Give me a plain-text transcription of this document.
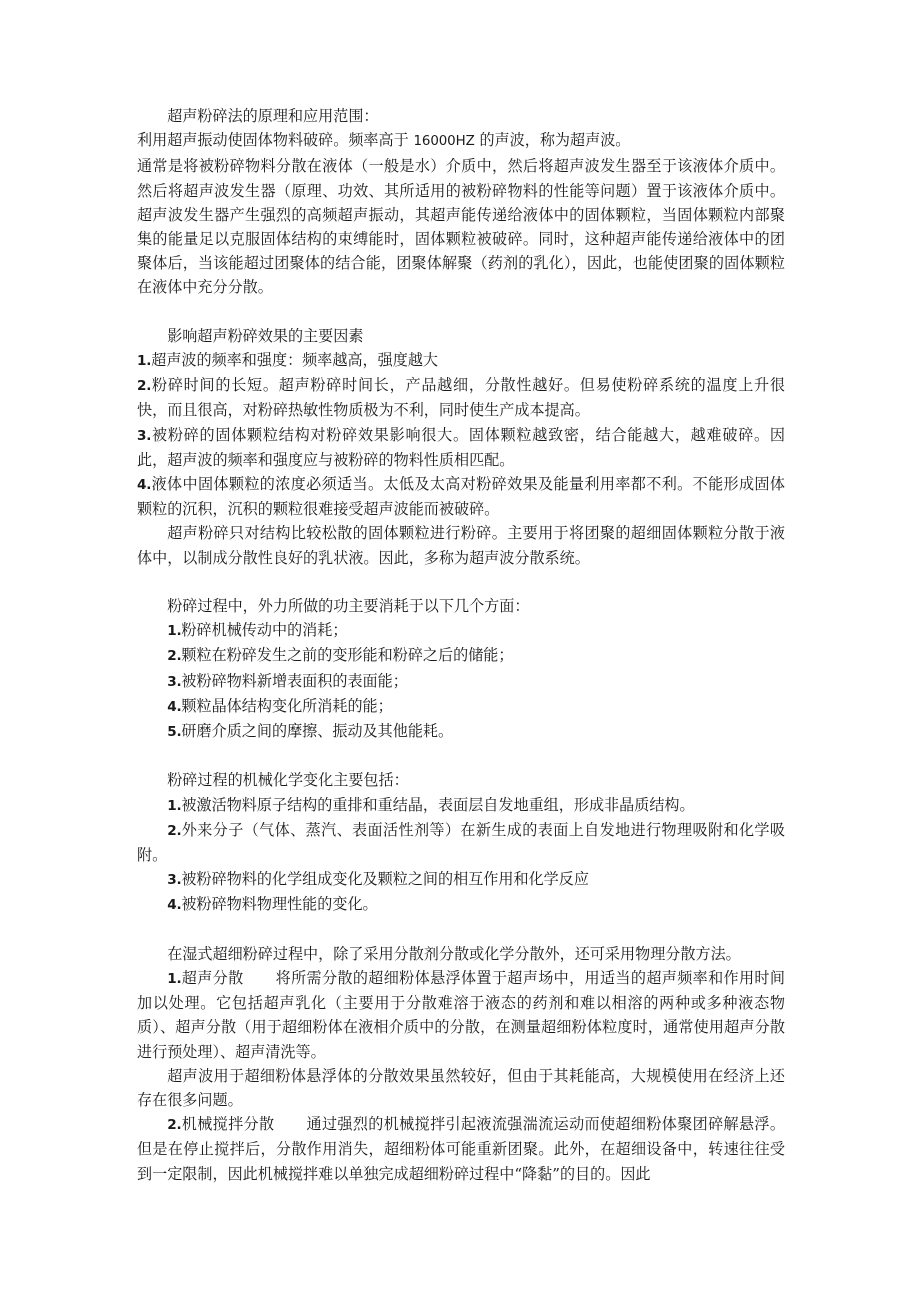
超声粉碎法的原理和应用范围：

利用超声振动使固体物料破碎。频率高于 16000HZ 的声波，称为超声波。

通常是将被粉碎物料分散在液体（一般是水）介质中，然后将超声波发生器至于该液体介质中。然后将超声波发生器（原理、功效、其所适用的被粉碎物料的性能等问题）置于该液体介质中。超声波发生器产生强烈的高频超声振动，其超声能传递给液体中的固体颗粒，当固体颗粒内部聚集的能量足以克服固体结构的束缚能时，固体颗粒被破碎。同时，这种超声能传递给液体中的团聚体后，当该能超过团聚体的结合能，团聚体解聚（药剂的乳化），因此，也能使团聚的固体颗粒在液体中充分分散。

影响超声粉碎效果的主要因素

1.超声波的频率和强度：频率越高，强度越大

2.粉碎时间的长短。超声粉碎时间长，产品越细，分散性越好。但易使粉碎系统的温度上升很快，而且很高，对粉碎热敏性物质极为不利，同时使生产成本提高。

3.被粉碎的固体颗粒结构对粉碎效果影响很大。固体颗粒越致密，结合能越大，越难破碎。因此，超声波的频率和强度应与被粉碎的物料性质相匹配。

4.液体中固体颗粒的浓度必须适当。太低及太高对粉碎效果及能量利用率都不利。不能形成固体颗粒的沉积，沉积的颗粒很难接受超声波能而被破碎。

超声粉碎只对结构比较松散的固体颗粒进行粉碎。主要用于将团聚的超细固体颗粒分散于液体中，以制成分散性良好的乳状液。因此，多称为超声波分散系统。

粉碎过程中，外力所做的功主要消耗于以下几个方面：

1.粉碎机械传动中的消耗；

2.颗粒在粉碎发生之前的变形能和粉碎之后的储能；

3.被粉碎物料新增表面积的表面能；

4.颗粒晶体结构变化所消耗的能；

5.研磨介质之间的摩擦、振动及其他能耗。

粉碎过程的机械化学变化主要包括：

1.被激活物料原子结构的重排和重结晶，表面层自发地重组，形成非晶质结构。

2.外来分子（气体、蒸汽、表面活性剂等）在新生成的表面上自发地进行物理吸附和化学吸附。

3.被粉碎物料的化学组成变化及颗粒之间的相互作用和化学反应

4.被粉碎物料物理性能的变化。

在湿式超细粉碎过程中，除了采用分散剂分散或化学分散外，还可采用物理分散方法。

1.超声分散 将所需分散的超细粉体悬浮体置于超声场中，用适当的超声频率和作用时间加以处理。它包括超声乳化（主要用于分散难溶于液态的药剂和难以相溶的两种或多种液态物质）、超声分散（用于超细粉体在液相介质中的分散，在测量超细粉体粒度时，通常使用超声分散进行预处理）、超声清洗等。

超声波用于超细粉体悬浮体的分散效果虽然较好，但由于其耗能高，大规模使用在经济上还存在很多问题。

2.机械搅拌分散 通过强烈的机械搅拌引起液流强湍流运动而使超细粉体聚团碎解悬浮。但是在停止搅拌后，分散作用消失，超细粉体可能重新团聚。此外，在超细设备中，转速往往受到一定限制，因此机械搅拌难以单独完成超细粉碎过程中“降黏”的目的。因此
